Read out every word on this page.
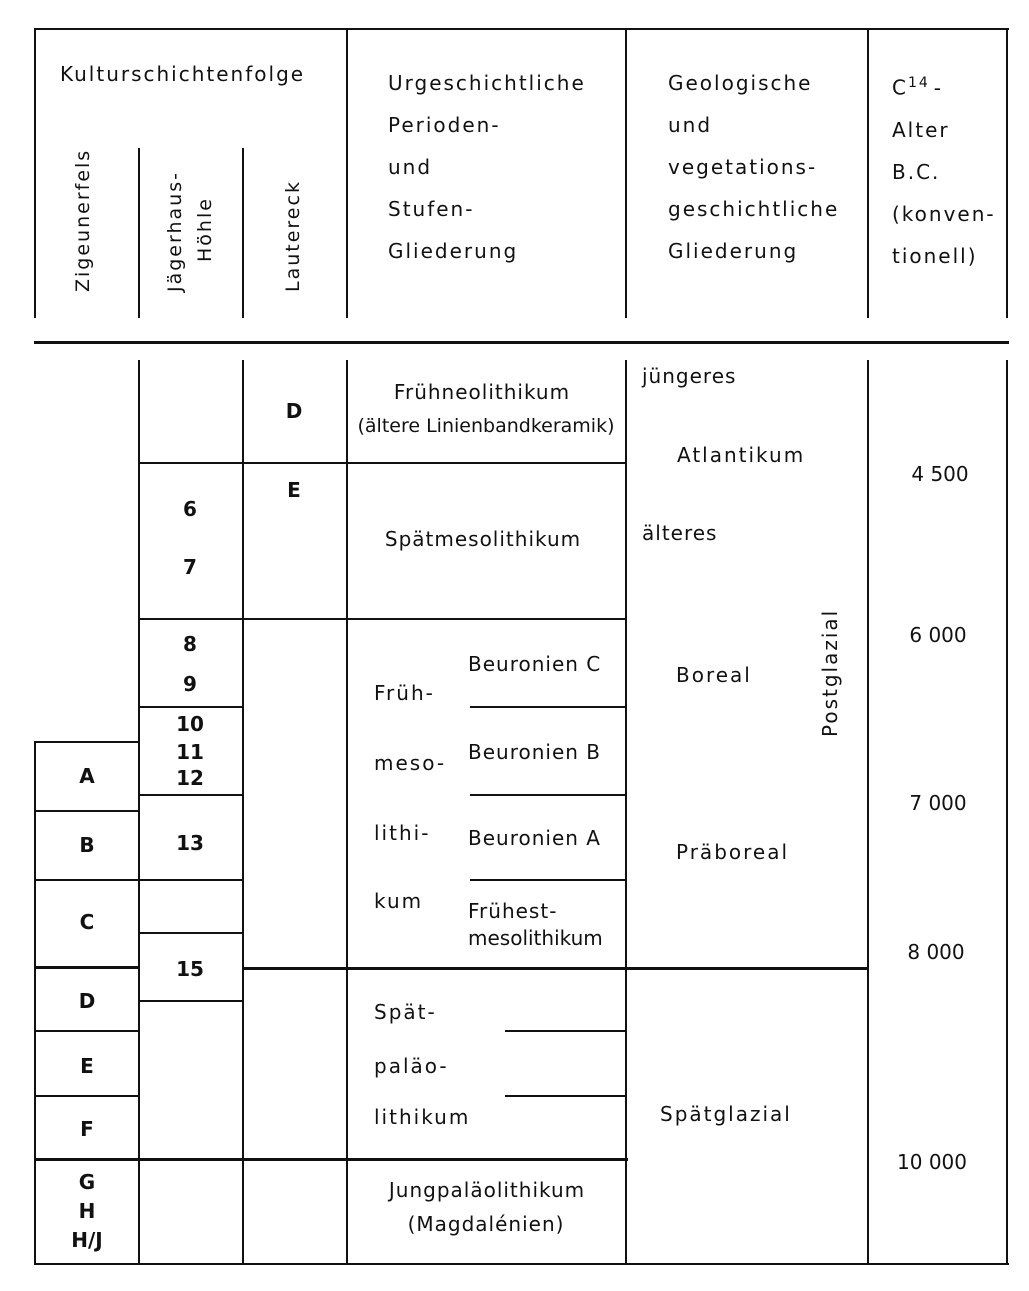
Kulturschichtenfolge
Zigeunerfels	Jägerhaus- Höhle	Lautereck
Urgeschichtliche
Perioden-
und
Stufen-
Gliederung
Geologische
und
vegetations-
geschichtliche
Gliederung
$C^{14}$ -
Alter
B.C.
(konven-
tionell)
A
B
C
D
E
F
G
H
H/J
6
7
8
9
10
11
12
13
15
D
E
Frühneolithikum
(ältere Linienbandkeramik)
Spätmesolithikum
Früh-
meso-
lithi-
kum
Beuronien C
Beuronien B
Beuronien A
Frühest-
mesolithikum
Spät-
paläo-
lithikum
Jungpaläolithikum
(Magdalénien)
jüngeres
Atlantikum
älteres
Boreal
Präboreal
Postglazial
Spätglazial
4 500
6 000
7 000
8 000
10 000
